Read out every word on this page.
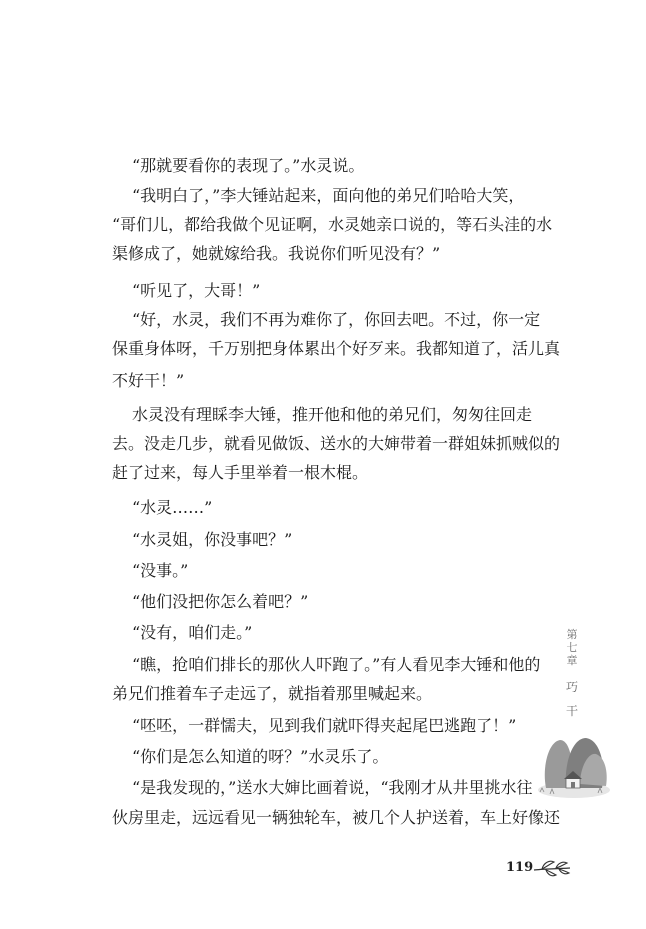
“那就要看你的表现了。”水灵说。
“我明白了，”李大锤站起来，面向他的弟兄们哈哈大笑，
“哥们儿，都给我做个见证啊，水灵她亲口说的，等石头洼的水
渠修成了，她就嫁给我。我说你们听见没有？”
“听见了，大哥！”
“好，水灵，我们不再为难你了，你回去吧。不过，你一定
保重身体呀，千万别把身体累出个好歹来。我都知道了，活儿真
不好干！”
水灵没有理睬李大锤，推开他和他的弟兄们，匆匆往回走
去。没走几步，就看见做饭、送水的大婶带着一群姐妹抓贼似的
赶了过来，每人手里举着一根木棍。
“水灵……”
“水灵姐，你没事吧？”
“没事。”
“他们没把你怎么着吧？”
“没有，咱们走。”
“瞧，抢咱们排长的那伙人吓跑了。”有人看见李大锤和他的
弟兄们推着车子走远了，就指着那里喊起来。
“呸呸，一群懦夫，见到我们就吓得夹起尾巴逃跑了！”
“你们是怎么知道的呀？”水灵乐了。
“是我发现的，”送水大婶比画着说，“我刚才从井里挑水往
伙房里走，远远看见一辆独轮车，被几个人护送着，车上好像还
第七章
巧干
119
